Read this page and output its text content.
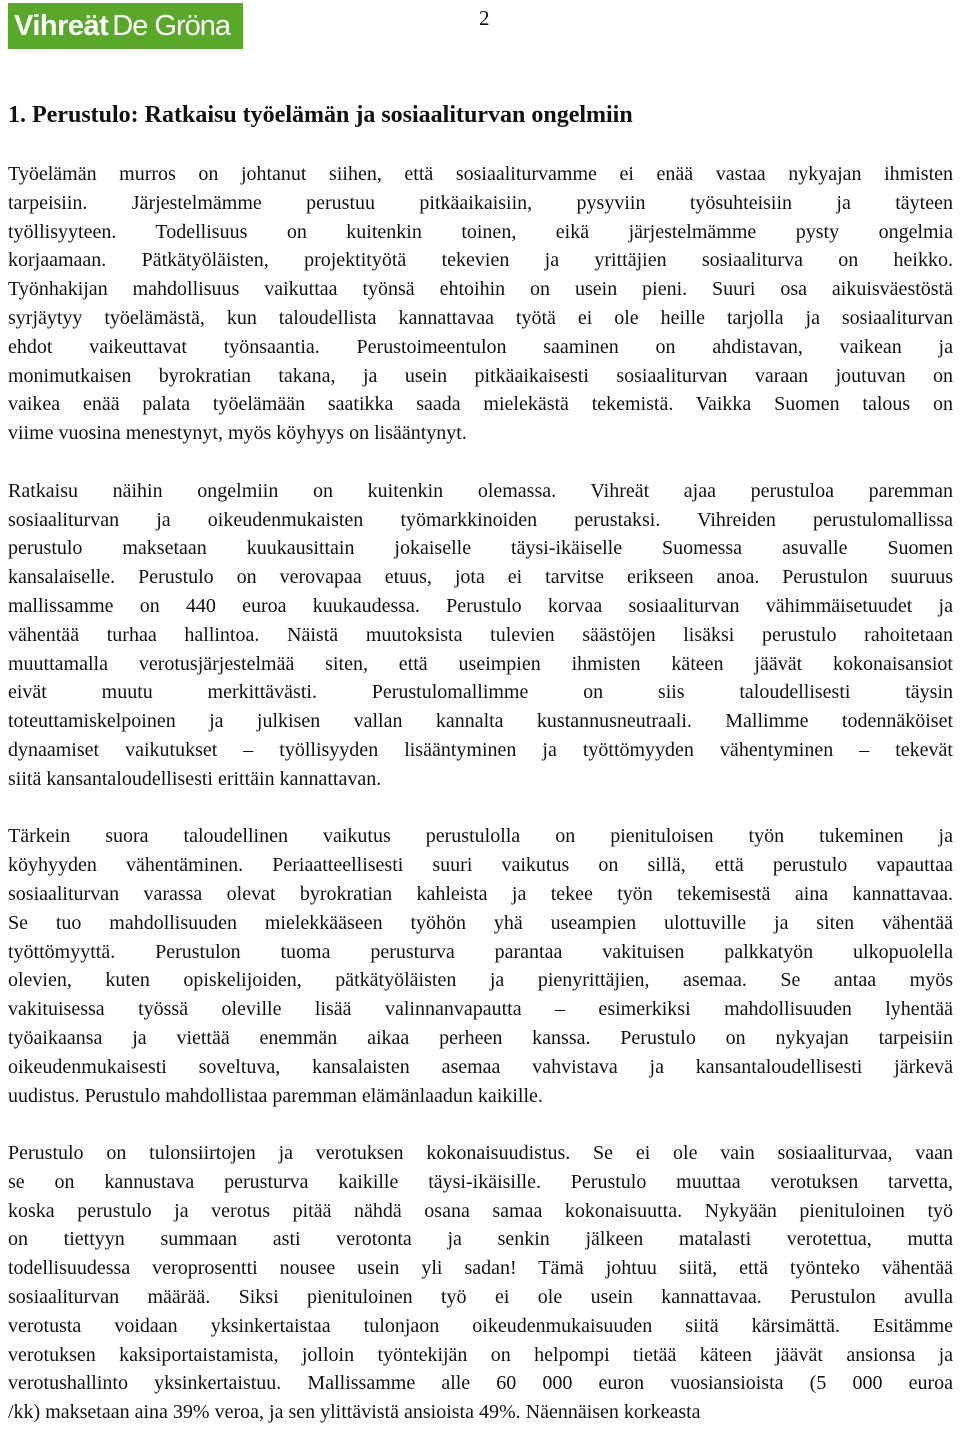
Vihreät De Gröna	2
1. Perustulo: Ratkaisu työelämän ja sosiaaliturvan ongelmiin
Työelämän murros on johtanut siihen, että sosiaaliturvamme ei enää vastaa nykyajan ihmisten
tarpeisiin. Järjestelmämme perustuu pitkäaikaisiin, pysyviin työsuhteisiin ja täyteen
työllisyyteen. Todellisuus on kuitenkin toinen, eikä järjestelmämme pysty ongelmia
korjaamaan. Pätkätyöläisten, projektityötä tekevien ja yrittäjien sosiaaliturva on heikko.
Työnhakijan mahdollisuus vaikuttaa työnsä ehtoihin on usein pieni. Suuri osa aikuisväestöstä
syrjäytyy työelämästä, kun taloudellista kannattavaa työtä ei ole heille tarjolla ja sosiaaliturvan
ehdot vaikeuttavat työnsaantia. Perustoimeentulon saaminen on ahdistavan, vaikean ja
monimutkaisen byrokratian takana, ja usein pitkäaikaisesti sosiaaliturvan varaan joutuvan on
vaikea enää palata työelämään saatikka saada mielekästä tekemistä. Vaikka Suomen talous on
viime vuosina menestynyt, myös köyhyys on lisääntynyt.
Ratkaisu näihin ongelmiin on kuitenkin olemassa. Vihreät ajaa perustuloa paremman
sosiaaliturvan ja oikeudenmukaisten työmarkkinoiden perustaksi. Vihreiden perustulomallissa
perustulo maksetaan kuukausittain jokaiselle täysi-ikäiselle Suomessa asuvalle Suomen
kansalaiselle. Perustulo on verovapaa etuus, jota ei tarvitse erikseen anoa. Perustulon suuruus
mallissamme on 440 euroa kuukaudessa. Perustulo korvaa sosiaaliturvan vähimmäisetuudet ja
vähentää turhaa hallintoa. Näistä muutoksista tulevien säästöjen lisäksi perustulo rahoitetaan
muuttamalla verotusjärjestelmää siten, että useimpien ihmisten käteen jäävät kokonaisansiot
eivät muutu merkittävästi. Perustulomallimme on siis taloudellisesti täysin
toteuttamiskelpoinen ja julkisen vallan kannalta kustannusneutraali. Mallimme todennäköiset
dynaamiset vaikutukset – työllisyyden lisääntyminen ja työttömyyden vähentyminen – tekevät
siitä kansantaloudellisesti erittäin kannattavan.
Tärkein suora taloudellinen vaikutus perustulolla on pienituloisen työn tukeminen ja
köyhyyden vähentäminen. Periaatteellisesti suuri vaikutus on sillä, että perustulo vapauttaa
sosiaaliturvan varassa olevat byrokratian kahleista ja tekee työn tekemisestä aina kannattavaa.
Se tuo mahdollisuuden mielekkääseen työhön yhä useampien ulottuville ja siten vähentää
työttömyyttä. Perustulon tuoma perusturva parantaa vakituisen palkkatyön ulkopuolella
olevien, kuten opiskelijoiden, pätkätyöläisten ja pienyrittäjien, asemaa. Se antaa myös
vakituisessa työssä oleville lisää valinnanvapautta – esimerkiksi mahdollisuuden lyhentää
työaikaansa ja viettää enemmän aikaa perheen kanssa. Perustulo on nykyajan tarpeisiin
oikeudenmukaisesti soveltuva, kansalaisten asemaa vahvistava ja kansantaloudellisesti järkevä
uudistus. Perustulo mahdollistaa paremman elämänlaadun kaikille.
Perustulo on tulonsiirtojen ja verotuksen kokonaisuudistus. Se ei ole vain sosiaaliturvaa, vaan
se on kannustava perusturva kaikille täysi-ikäisille. Perustulo muuttaa verotuksen tarvetta,
koska perustulo ja verotus pitää nähdä osana samaa kokonaisuutta. Nykyään pienituloinen työ
on tiettyyn summaan asti verotonta ja senkin jälkeen matalasti verotettua, mutta
todellisuudessa veroprosentti nousee usein yli sadan! Tämä johtuu siitä, että työnteko vähentää
sosiaaliturvan määrää. Siksi pienituloinen työ ei ole usein kannattavaa. Perustulon avulla
verotusta voidaan yksinkertaistaa tulonjaon oikeudenmukaisuuden siitä kärsimättä. Esitämme
verotuksen kaksiportaistamista, jolloin työntekijän on helpompi tietää käteen jäävät ansionsa ja
verotushallinto yksinkertaistuu. Mallissamme alle 60 000 euron vuosiansioista (5 000 euroa
/kk) maksetaan aina 39% veroa, ja sen ylittävistä ansioista 49%. Näennäisen korkeasta
